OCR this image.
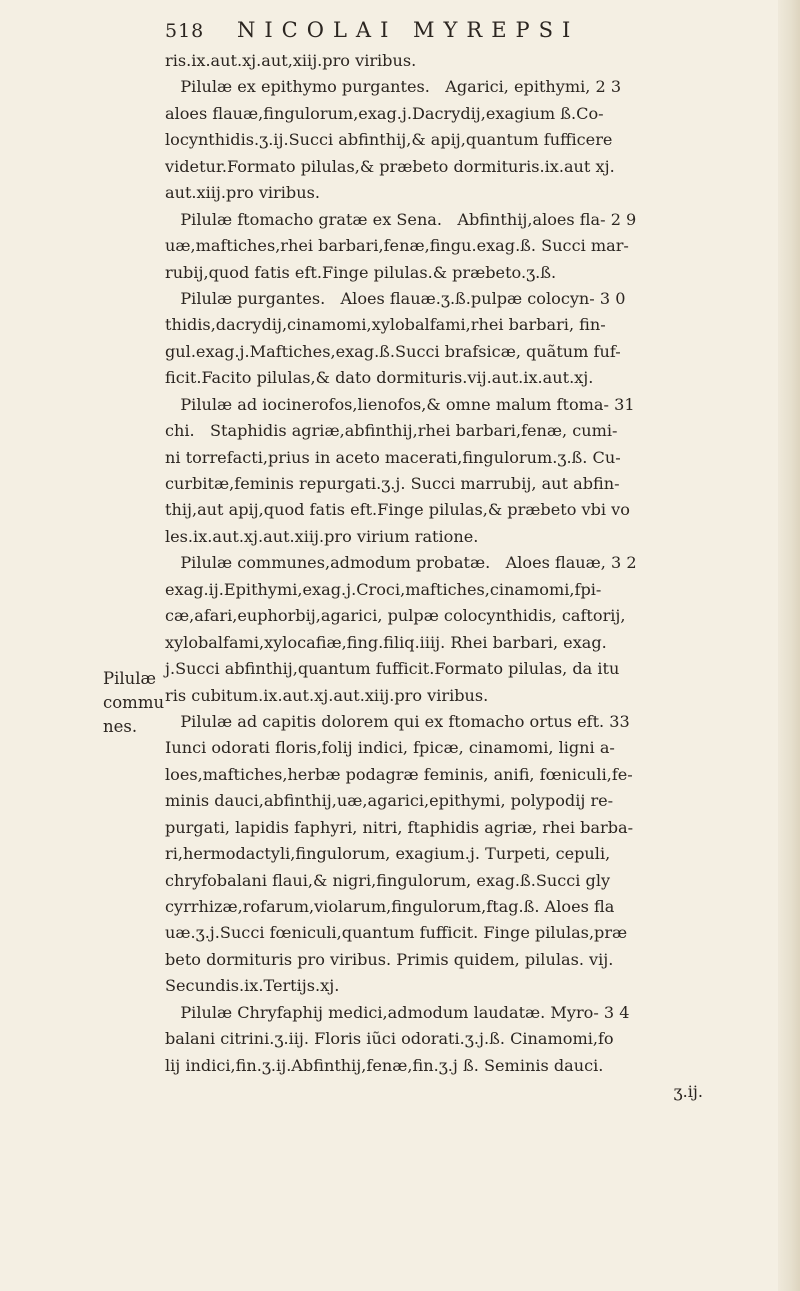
518	NICOLAI MYREPSI
ris.ix.aut.xj.aut,xiij.pro viribus.
Pilulæ ex epithymo purgantes.   Agarici, epithymi, 2 3
aloes flauæ,fingulorum,exag.j.Dacrydij,exagium ß.Co-
locynthidis.ʒ.ij.Succi abfinthij,& apij,quantum fufficere
videtur.Formato pilulas,& præbeto dormituris.ix.aut xj.
aut.xiij.pro viribus.
Pilulæ ftomacho gratæ ex Sena.   Abfinthij,aloes fla- 2 9
uæ,maftiches,rhei barbari,fenæ,fingu.exag.ß. Succi mar-
rubij,quod fatis eft.Finge pilulas.& præbeto.ʒ.ß.
Pilulæ purgantes.   Aloes flauæ.ʒ.ß.pulpæ colocyn- 3 0
thidis,dacrydij,cinamomi,xylobalfami,rhei barbari, fin-
gul.exag.j.Maftiches,exag.ß.Succi brafsicæ, quãtum fuf-
ficit.Facito pilulas,& dato dormituris.vij.aut.ix.aut.xj.
Pilulæ ad iocinerofos,lienofos,& omne malum ftoma- 31
chi.   Staphidis agriæ,abfinthij,rhei barbari,fenæ, cumi-
ni torrefacti,prius in aceto macerati,fingulorum.ʒ.ß. Cu-
curbitæ,feminis repurgati.ʒ.j. Succi marrubij, aut abfin-
thij,aut apij,quod fatis eft.Finge pilulas,& præbeto vbi vo
les.ix.aut.xj.aut.xiij.pro virium ratione.
Pilulæ communes,admodum probatæ.   Aloes flauæ, 3 2
exag.ij.Epithymi,exag.j.Croci,maftiches,cinamomi,fpi-
cæ,afari,euphorbij,agarici, pulpæ colocynthidis, caftorij,
xylobalfami,xylocafiæ,fing.filiq.iiij. Rhei barbari, exag.
j.Succi abfinthij,quantum fufficit.Formato pilulas, da itu
ris cubitum.ix.aut.xj.aut.xiij.pro viribus.
Pilulæ ad capitis dolorem qui ex ftomacho ortus eft. 33
Iunci odorati floris,folij indici, fpicæ, cinamomi, ligni a-
loes,maftiches,herbæ podagræ feminis, anifi, fœniculi,fe-
minis dauci,abfinthij,uæ,agarici,epithymi, polypodij re-
purgati, lapidis faphyri, nitri, ftaphidis agriæ, rhei barba-
ri,hermodactyli,fingulorum, exagium.j. Turpeti, cepuli,
chryfobalani flaui,& nigri,fingulorum, exag.ß.Succi gly
cyrrhizæ,rofarum,violarum,fingulorum,ftag.ß. Aloes fla
uæ.ʒ.j.Succi fœniculi,quantum fufficit. Finge pilulas,præ
beto dormituris pro viribus. Primis quidem, pilulas. vij.
Secundis.ix.Tertijs.xj.
Pilulæ Chryfaphij medici,admodum laudatæ. Myro- 3 4
balani citrini.ʒ.iij. Floris iũci odorati.ʒ.j.ß. Cinamomi,fo
lij indici,fin.ʒ.ij.Abfinthij,fenæ,fin.ʒ.j ß. Seminis dauci.
ʒ.ij.
Pilulæ
commu
nes.
